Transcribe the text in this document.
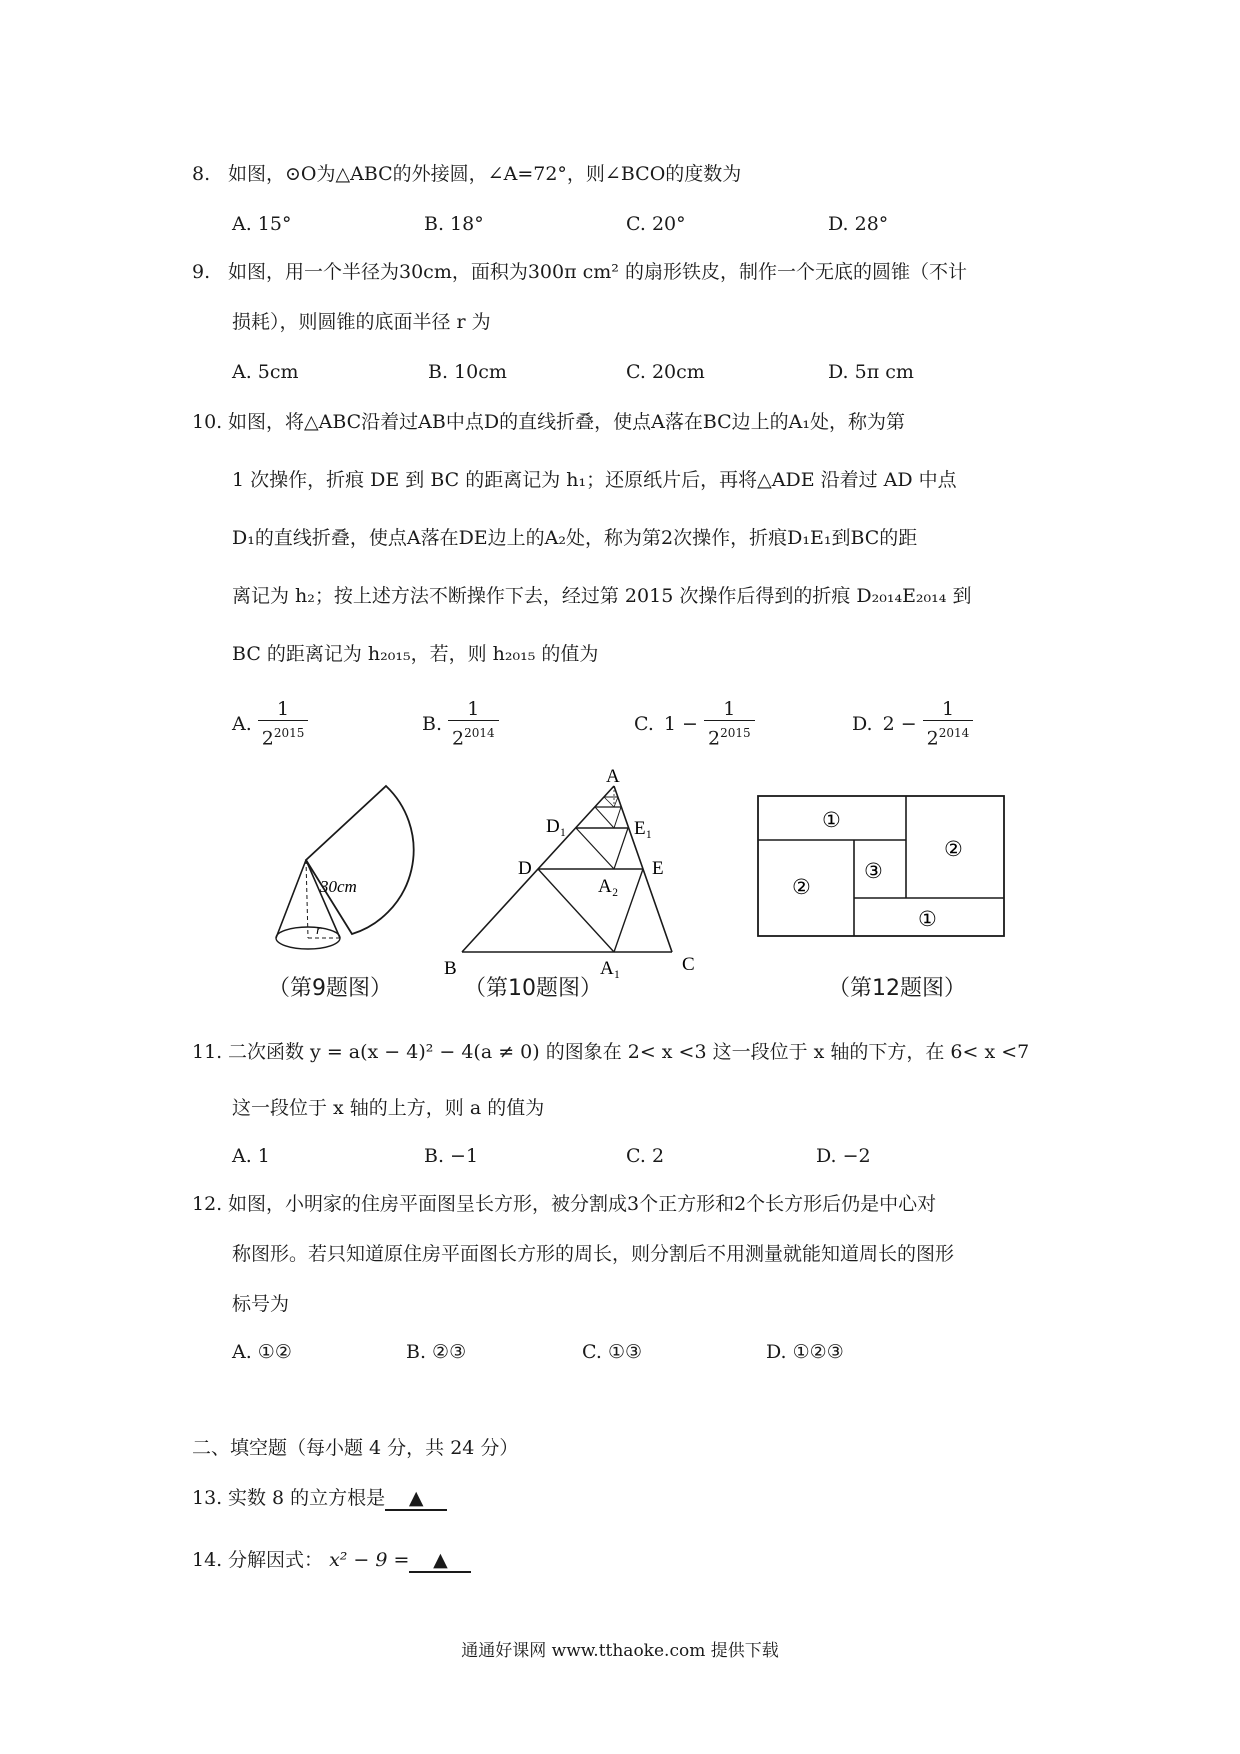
8. 如图，⊙O为△ABC的外接圆，∠A=72°，则∠BCO的度数为
A. 15°	B. 18°	C. 20°	D. 28°
9. 如图，用一个半径为30cm，面积为300π cm² 的扇形铁皮，制作一个无底的圆锥（不计
损耗），则圆锥的底面半径 r 为
A. 5cm	B. 10cm	C. 20cm	D. 5π cm
10. 如图，将△ABC沿着过AB中点D的直线折叠，使点A落在BC边上的A₁处，称为第
1 次操作，折痕 DE 到 BC 的距离记为 h₁；还原纸片后，再将△ADE 沿着过 AD 中点
D₁的直线折叠，使点A落在DE边上的A₂处，称为第2次操作，折痕D₁E₁到BC的距
离记为 h₂；按上述方法不断操作下去，经过第 2015 次操作后得到的折痕 D₂₀₁₄E₂₀₁₄ 到
BC 的距离记为 h₂₀₁₅，若，则 h₂₀₁₅ 的值为
A. $\frac{1}{2^{2015}}$	B. $\frac{1}{2^{2014}}$	C. $1 - \frac{1}{2^{2015}}$	D. $2 - \frac{1}{2^{2014}}$
30cm
r
（第9题图）
A
B	C
D	E
D₁	E₁
A₁
A₂
（第10题图）
①
②
③
②
①
（第12题图）
11. 二次函数 y = a(x − 4)² − 4(a ≠ 0) 的图象在 2< x <3 这一段位于 x 轴的下方，在 6< x <7
这一段位于 x 轴的上方，则 a 的值为
A. 1	B. −1	C. 2	D. −2
12. 如图，小明家的住房平面图呈长方形，被分割成3个正方形和2个长方形后仍是中心对
称图形。若只知道原住房平面图长方形的周长，则分割后不用测量就能知道周长的图形
标号为
A. ①②	B. ②③	C. ①③	D. ①②③
二、填空题（每小题 4 分，共 24 分）
13. 实数 8 的立方根是 ▲
14. 分解因式： x² − 9 = ▲
通通好课网 www.tthaoke.com 提供下载
